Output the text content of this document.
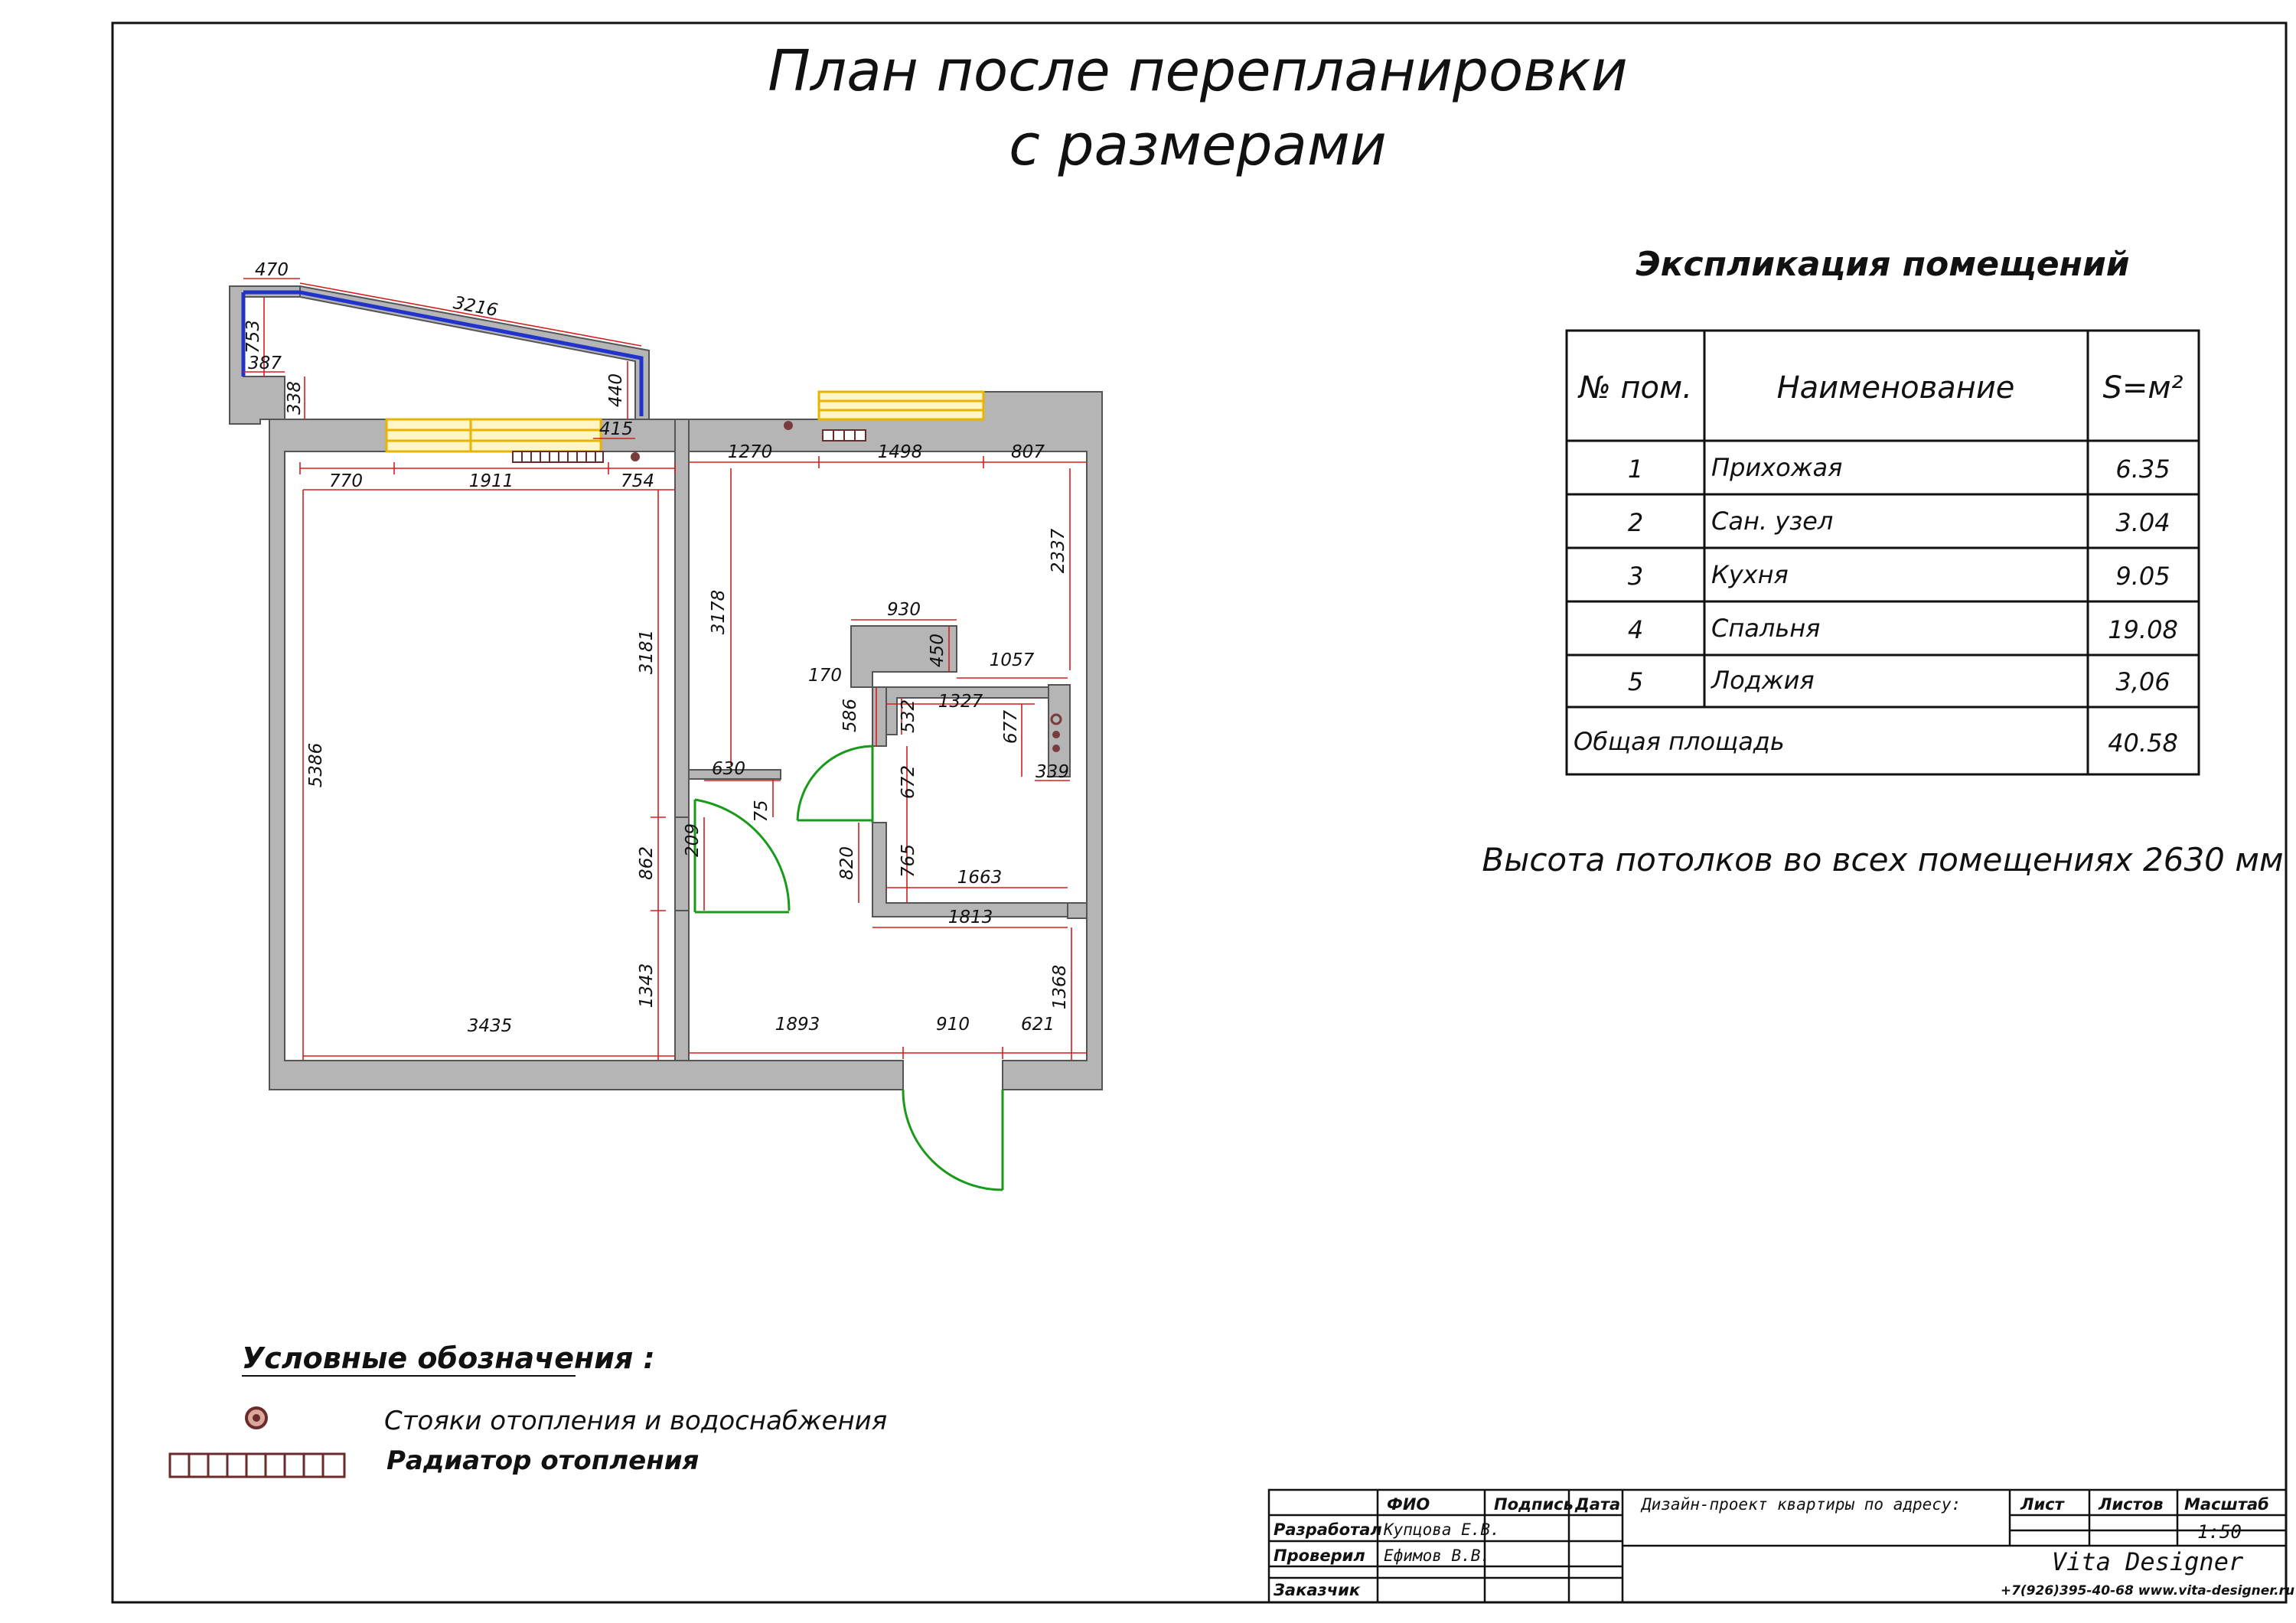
План после перепланировки
с размерами
470
3216
753
387
338	440
415
770	1911	754
5386
3181
862
1343
3435
1270	1498	807
3178
2337
930
450 1057
170
586 532 1327
677
339
672
630
75
209
820 765
1663
1813
1368
1893	910	621
Экспликация помещений
№ пом.	Наименование	S=м²
1	Прихожая	6.35
2	Сан. узел	3.04
3	Кухня	9.05
4	Спальня	19.08
5	Лоджия	3,06
Общая площадь	40.58
Высота потолков во всех помещениях 2630 мм
Условные обозначения :
Стояки отопления и водоснабжения
Радиатор отопления
ФИО	Подпись Дата Дизайн-проект квартиры по адресу:	Лист Листов Масштаб
1:50
Разработал Купцова Е.В.
Проверил Ефимов В.В.
Заказчик
Vita Designer
+7(926)395-40-68 www.vita-designer.ru
